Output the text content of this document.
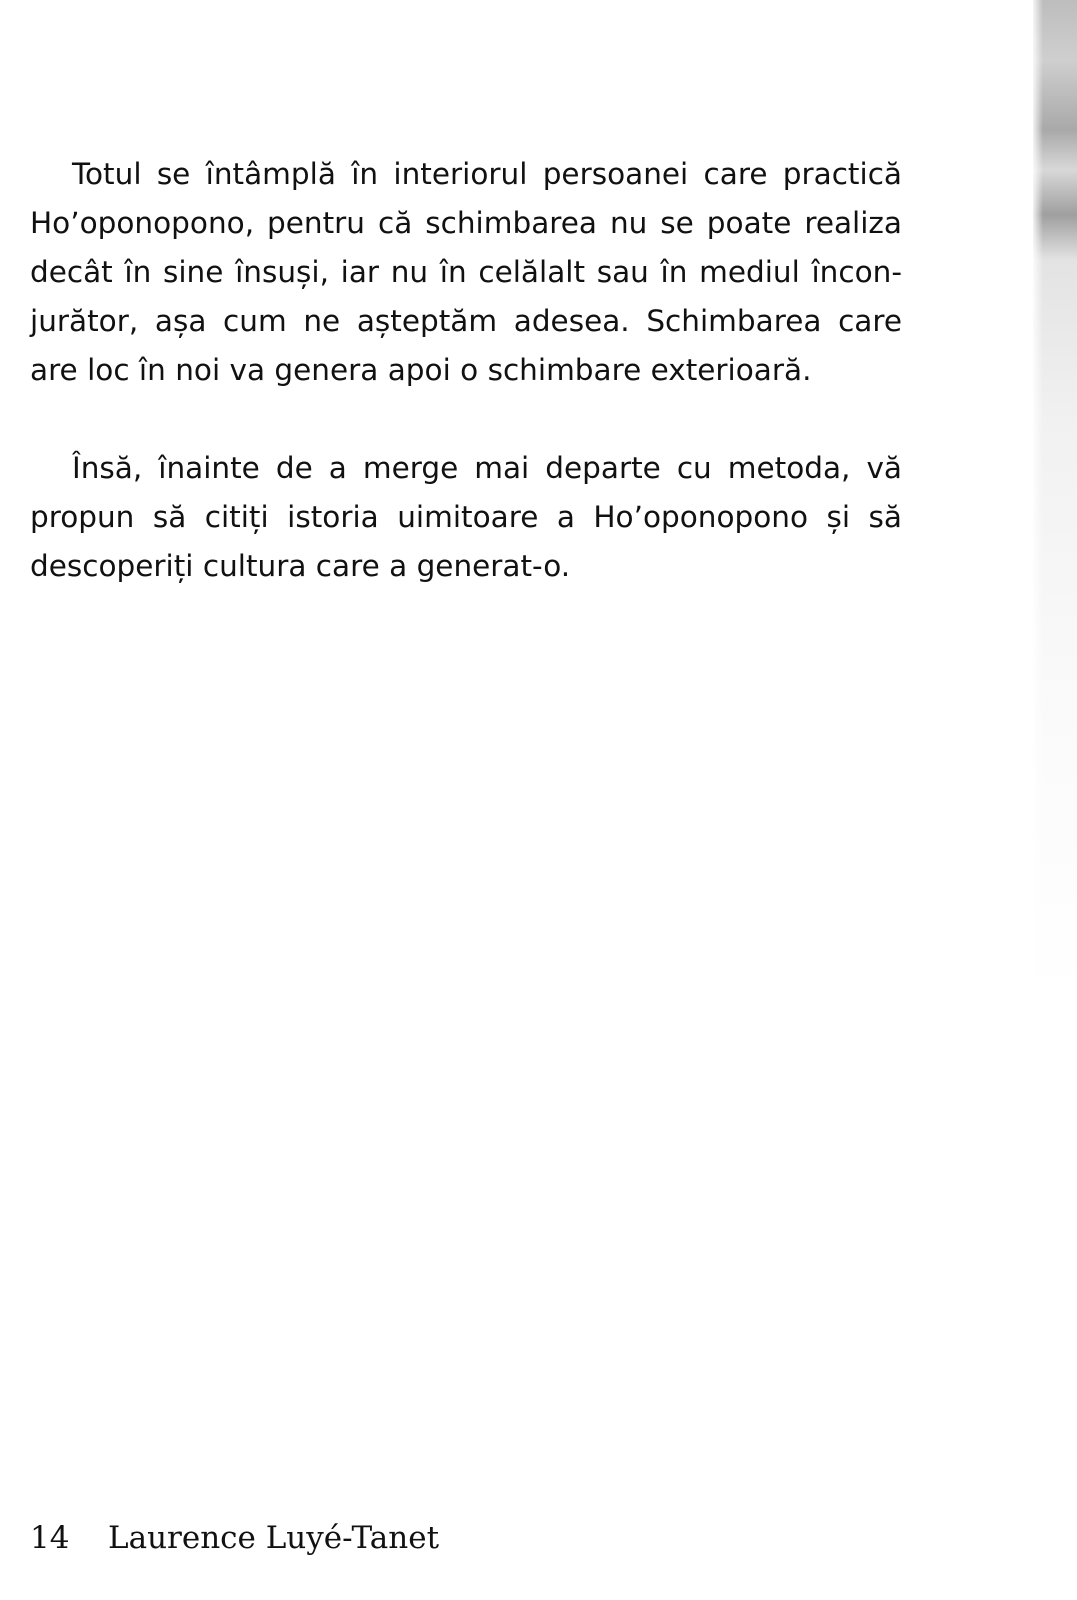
Totul se întâmplă în interiorul persoanei care practică Ho’oponopono, pentru că schimbarea nu se poate realiza decât în sine însuși, iar nu în celălalt sau în mediul înconjurător, așa cum ne așteptăm adesea. Schimbarea care are loc în noi va genera apoi o schimbare exterioară.

Însă, înainte de a merge mai departe cu metoda, vă propun să citiți istoria uimitoare a Ho’oponopono și să descoperiți cultura care a generat-o.

14 Laurence Luyé-Tanet
